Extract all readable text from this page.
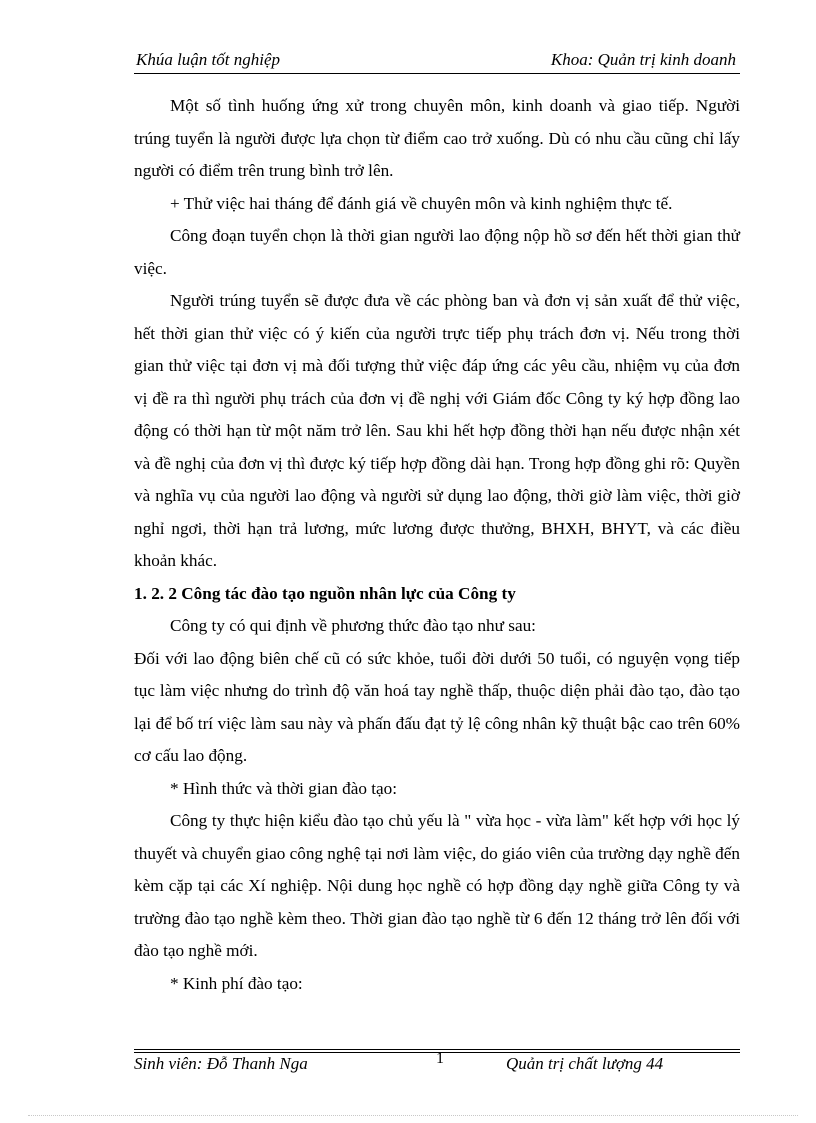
Khúa luận tốt nghiệp	Khoa: Quản trị kinh doanh

Một số tình huống ứng xử trong chuyên môn, kinh doanh và giao tiếp. Người trúng tuyển là người được lựa chọn từ điểm cao trở xuống. Dù có nhu cầu cũng chỉ lấy người có điểm trên trung bình trở lên.

+ Thử việc hai tháng để đánh giá về chuyên môn và kinh nghiệm thực tế.

Công đoạn tuyển chọn là thời gian người lao động nộp hồ sơ đến hết thời gian thử việc.

Người trúng tuyển sẽ được đưa về các phòng ban và đơn vị sản xuất để thử việc, hết thời gian thử việc có ý kiến của người trực tiếp phụ trách đơn vị. Nếu trong thời gian thử việc tại đơn vị mà đối tượng thử việc đáp ứng các yêu cầu, nhiệm vụ của đơn vị đề ra thì người phụ trách của đơn vị đề nghị với Giám đốc Công ty ký hợp đồng lao động có thời hạn từ một năm trở lên. Sau khi hết hợp đồng thời hạn nếu được nhận xét và đề nghị của đơn vị thì được ký tiếp hợp đồng dài hạn. Trong hợp đồng ghi rõ: Quyền và nghĩa vụ của người lao động và người sử dụng lao động, thời giờ làm việc, thời giờ nghỉ ngơi, thời hạn trả lương, mức lương được thưởng, BHXH, BHYT, và các điều khoản khác.

1. 2. 2 Công tác đào tạo nguồn nhân lực của Công ty

Công ty có qui định về phương thức đào tạo như sau:

Đối với lao động biên chế cũ có sức khỏe, tuổi đời dưới 50 tuổi, có nguyện vọng tiếp tục làm việc nhưng do trình độ văn hoá tay nghề thấp, thuộc diện phải đào tạo, đào tạo lại để bố trí việc làm sau này và phấn đấu đạt tỷ lệ công nhân kỹ thuật bậc cao trên 60% cơ cấu lao động.

* Hình thức và thời gian đào tạo:

Công ty thực hiện kiểu đào tạo chủ yếu là " vừa học - vừa làm" kết hợp với học lý thuyết và chuyển giao công nghệ tại nơi làm việc, do giáo viên của trường dạy nghề đến kèm cặp tại các Xí nghiệp. Nội dung học nghề có hợp đồng dạy nghề giữa Công ty và trường đào tạo nghề kèm theo. Thời gian đào tạo nghề từ 6 đến 12 tháng trở lên đối với đào tạo nghề mới.

* Kinh phí đào tạo:

Sinh viên: Đỗ Thanh Nga	1	Quản trị chất lượng 44
